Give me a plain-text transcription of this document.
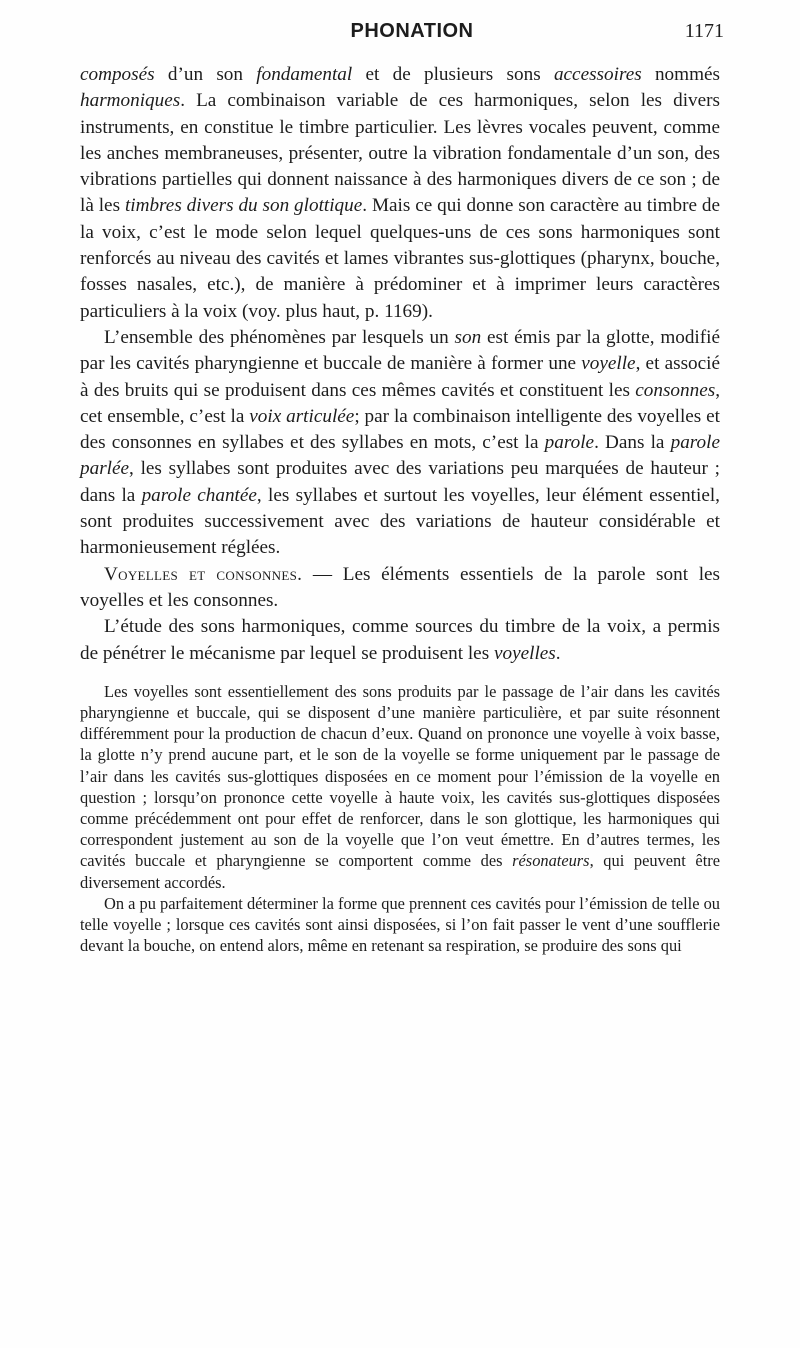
PHONATION	1171

composés d’un son fondamental et de plusieurs sons accessoires nommés harmoniques. La combinaison variable de ces harmoniques, selon les divers instruments, en constitue le timbre particulier. Les lèvres vocales peuvent, comme les anches membraneuses, présenter, outre la vibration fondamentale d’un son, des vibrations partielles qui donnent naissance à des harmoniques divers de ce son ; de là les timbres divers du son glottique. Mais ce qui donne son caractère au timbre de la voix, c’est le mode selon lequel quelques-uns de ces sons harmoniques sont renforcés au niveau des cavités et lames vibrantes sus-glottiques (pharynx, bouche, fosses nasales, etc.), de manière à prédominer et à imprimer leurs caractères particuliers à la voix (voy. plus haut, p. 1169).

L’ensemble des phénomènes par lesquels un son est émis par la glotte, modifié par les cavités pharyngienne et buccale de manière à former une voyelle, et associé à des bruits qui se produisent dans ces mêmes cavités et constituent les consonnes, cet ensemble, c’est la voix articulée; par la combinaison intelligente des voyelles et des consonnes en syllabes et des syllabes en mots, c’est la parole. Dans la parole parlée, les syllabes sont produites avec des variations peu marquées de hauteur ; dans la parole chantée, les syllabes et surtout les voyelles, leur élément essentiel, sont produites successivement avec des variations de hauteur considérable et harmonieusement réglées.

Voyelles et consonnes. — Les éléments essentiels de la parole sont les voyelles et les consonnes.

L’étude des sons harmoniques, comme sources du timbre de la voix, a permis de pénétrer le mécanisme par lequel se produisent les voyelles.

Les voyelles sont essentiellement des sons produits par le passage de l’air dans les cavités pharyngienne et buccale, qui se disposent d’une manière particulière, et par suite résonnent différemment pour la production de chacun d’eux. Quand on prononce une voyelle à voix basse, la glotte n’y prend aucune part, et le son de la voyelle se forme uniquement par le passage de l’air dans les cavités sus-glottiques disposées en ce moment pour l’émission de la voyelle en question ; lorsqu’on prononce cette voyelle à haute voix, les cavités sus-glottiques disposées comme précédemment ont pour effet de renforcer, dans le son glottique, les harmoniques qui correspondent justement au son de la voyelle que l’on veut émettre. En d’autres termes, les cavités buccale et pharyngienne se comportent comme des résonateurs, qui peuvent être diversement accordés.

On a pu parfaitement déterminer la forme que prennent ces cavités pour l’émission de telle ou telle voyelle ; lorsque ces cavités sont ainsi disposées, si l’on fait passer le vent d’une soufflerie devant la bouche, on entend alors, même en retenant sa respiration, se produire des sons qui
